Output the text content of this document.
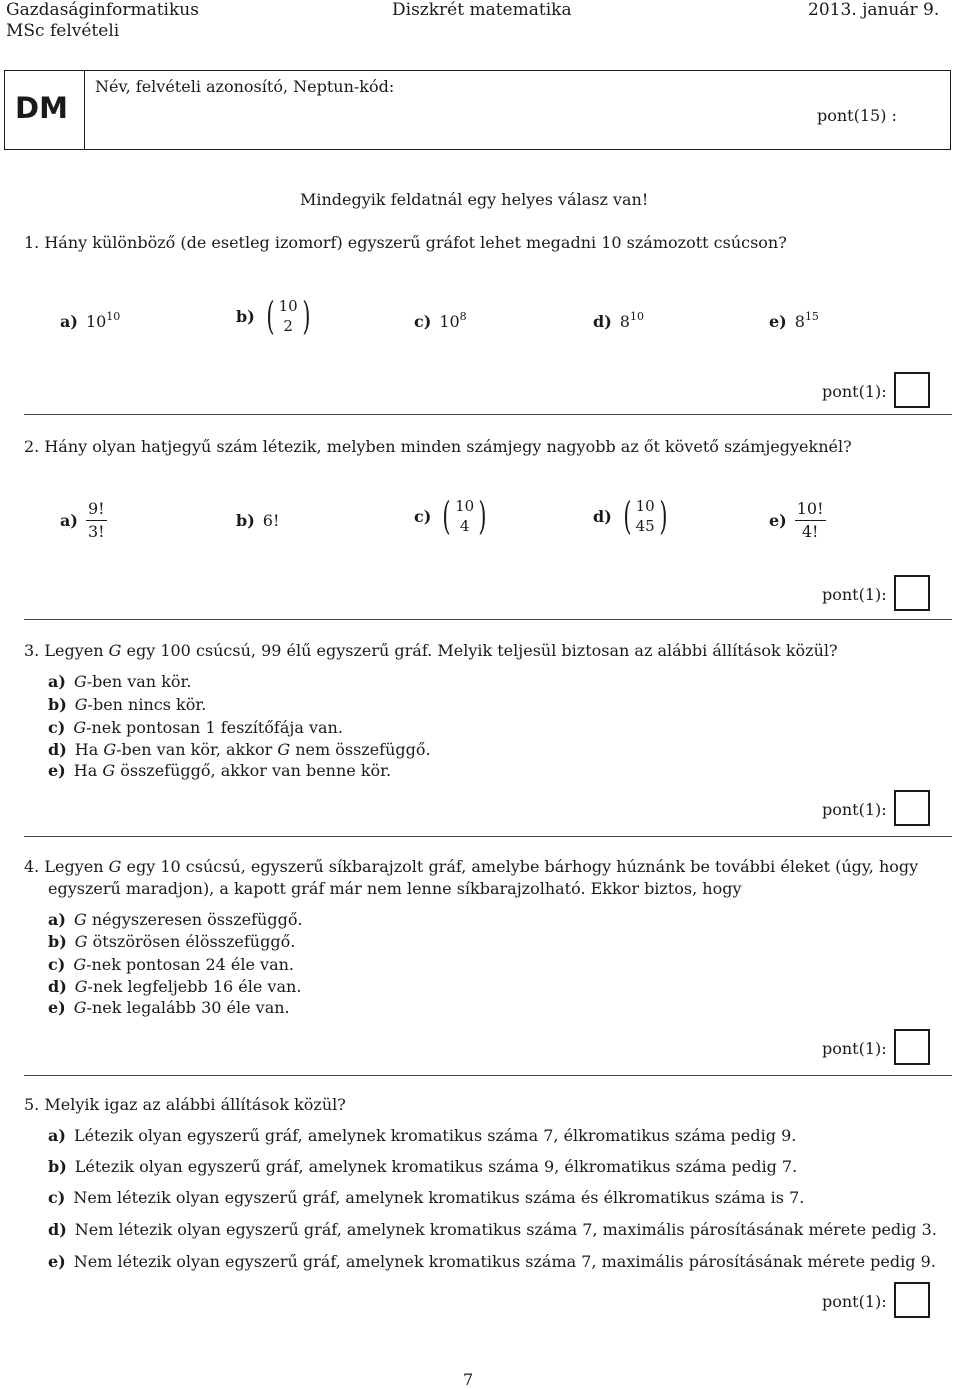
Gazdaságinformatikus
MSc felvételi
Diszkrét matematika	2013. január 9.
DM
Név, felvételi azonosító, Neptun-kód:
pont(15) :
Mindegyik feldatnál egy helyes válasz van!
1. Hány különböző (de esetleg izomorf) egyszerű gráfot lehet megadni 10 számozott csúcson?
a) $10^{10}$	b) ( 10
2 )	c) $10^8$	d) $8^{10}$	e) $8^{15}$
pont(1):
2. Hány olyan hatjegyű szám létezik, melyben minden számjegy nagyobb az őt követő számjegyeknél?
$a) \frac{9!}{3!}$	b) 6!	c) ( 10
4 )	d) ( 10
45 )	$e) \frac{10!}{4!}$
pont(1):
3. Legyen G egy 100 csúcsú, 99 élű egyszerű gráf. Melyik teljesül biztosan az alábbi állítások közül?
a) G-ben van kör.
b) G-ben nincs kör.
c) G-nek pontosan 1 feszítőfája van.
d) Ha G-ben van kör, akkor G nem összefüggő.
e) Ha G összefüggő, akkor van benne kör.
pont(1):
4. Legyen G egy 10 csúcsú, egyszerű síkbarajzolt gráf, amelybe bárhogy húznánk be további éleket (úgy, hogy
egyszerű maradjon), a kapott gráf már nem lenne síkbarajzolható. Ekkor biztos, hogy
a) G négyszeresen összefüggő.
b) G ötszörösen élösszefüggő.
c) G-nek pontosan 24 éle van.
d) G-nek legfeljebb 16 éle van.
e) G-nek legalább 30 éle van.
pont(1):
5. Melyik igaz az alábbi állítások közül?
a) Létezik olyan egyszerű gráf, amelynek kromatikus száma 7, élkromatikus száma pedig 9.
b) Létezik olyan egyszerű gráf, amelynek kromatikus száma 9, élkromatikus száma pedig 7.
c) Nem létezik olyan egyszerű gráf, amelynek kromatikus száma és élkromatikus száma is 7.
d) Nem létezik olyan egyszerű gráf, amelynek kromatikus száma 7, maximális párosításának mérete pedig 3.
e) Nem létezik olyan egyszerű gráf, amelynek kromatikus száma 7, maximális párosításának mérete pedig 9.
pont(1):
7
